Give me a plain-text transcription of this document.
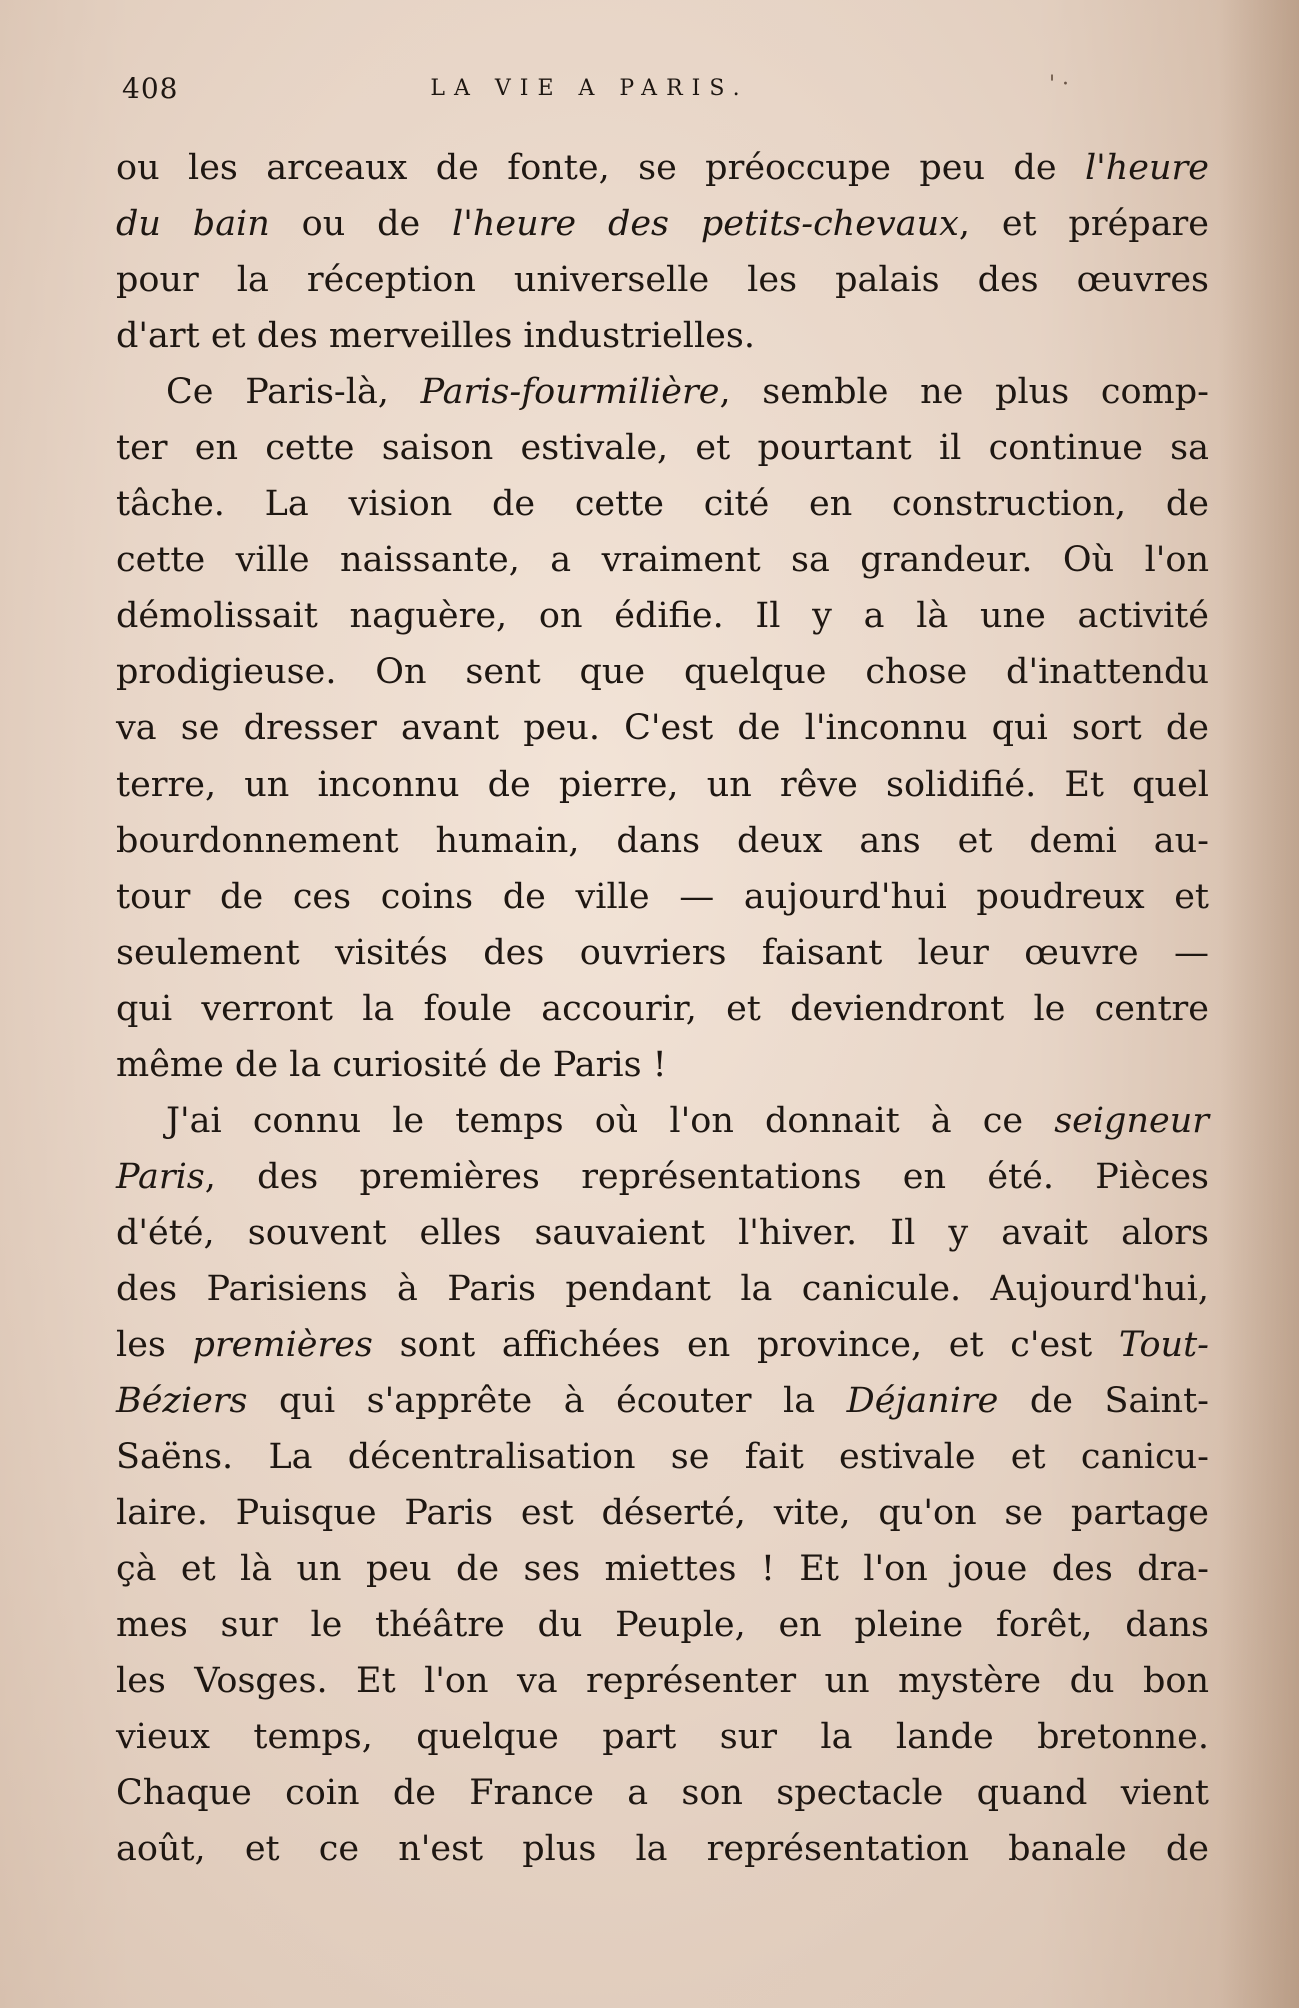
408	LA VIE A PARIS.	' ·
ou les arceaux de fonte, se préoccupe peu de l'heure
du bain ou de l'heure des petits-chevaux, et prépare
pour la réception universelle les palais des œuvres
d'art et des merveilles industrielles.
Ce Paris-là, Paris-fourmilière, semble ne plus comp-
ter en cette saison estivale, et pourtant il continue sa
tâche. La vision de cette cité en construction, de
cette ville naissante, a vraiment sa grandeur. Où l'on
démolissait naguère, on édifie. Il y a là une activité
prodigieuse. On sent que quelque chose d'inattendu
va se dresser avant peu. C'est de l'inconnu qui sort de
terre, un inconnu de pierre, un rêve solidifié. Et quel
bourdonnement humain, dans deux ans et demi au-
tour de ces coins de ville — aujourd'hui poudreux et
seulement visités des ouvriers faisant leur œuvre —
qui verront la foule accourir, et deviendront le centre
même de la curiosité de Paris !
J'ai connu le temps où l'on donnait à ce seigneur
Paris, des premières représentations en été. Pièces
d'été, souvent elles sauvaient l'hiver. Il y avait alors
des Parisiens à Paris pendant la canicule. Aujourd'hui,
les premières sont affichées en province, et c'est Tout-
Béziers qui s'apprête à écouter la Déjanire de Saint-
Saëns. La décentralisation se fait estivale et canicu-
laire. Puisque Paris est déserté, vite, qu'on se partage
çà et là un peu de ses miettes ! Et l'on joue des dra-
mes sur le théâtre du Peuple, en pleine forêt, dans
les Vosges. Et l'on va représenter un mystère du bon
vieux temps, quelque part sur la lande bretonne.
Chaque coin de France a son spectacle quand vient
août, et ce n'est plus la représentation banale de
